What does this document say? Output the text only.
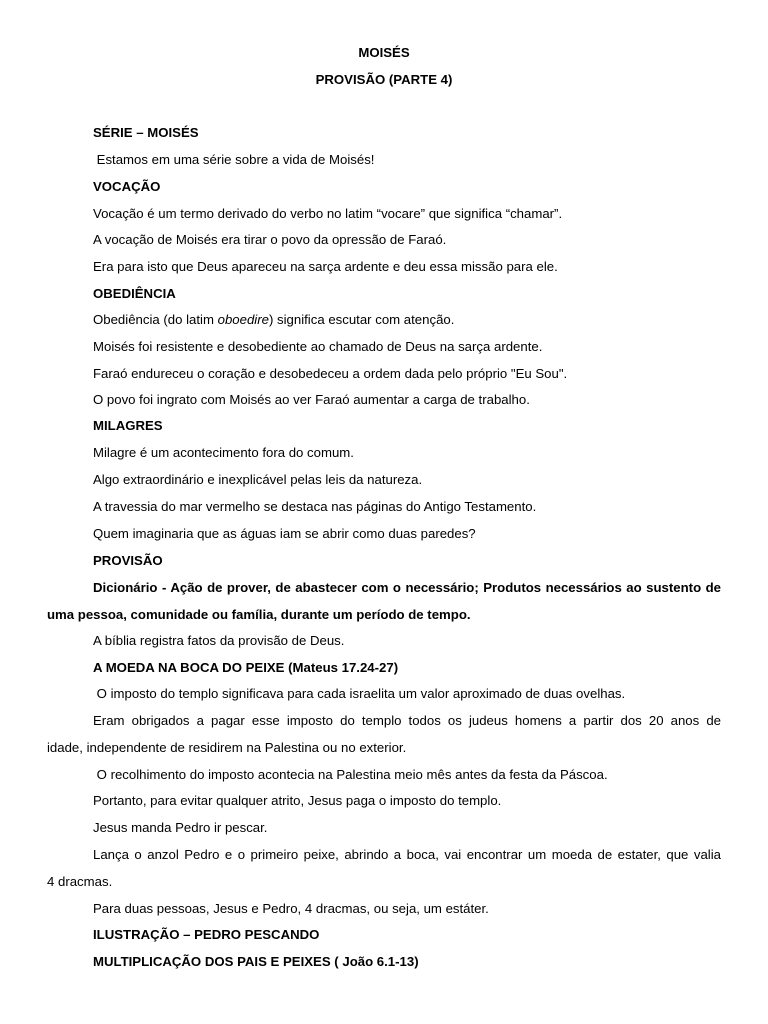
MOISÉS

PROVISÃO (PARTE 4)

SÉRIE – MOISÉS

Estamos em uma série sobre a vida de Moisés!

VOCAÇÃO

Vocação é um termo derivado do verbo no latim “vocare” que significa “chamar”.

A vocação de Moisés era tirar o povo da opressão de Faraó.

Era para isto que Deus apareceu na sarça ardente e deu essa missão para ele.

OBEDIÊNCIA

Obediência (do latim oboedire) significa escutar com atenção.

Moisés foi resistente e desobediente ao chamado de Deus na sarça ardente.

Faraó endureceu o coração e desobedeceu a ordem dada pelo próprio "Eu Sou".

O povo foi ingrato com Moisés ao ver Faraó aumentar a carga de trabalho.

MILAGRES

Milagre é um acontecimento fora do comum.

Algo extraordinário e inexplicável pelas leis da natureza.

A travessia do mar vermelho se destaca nas páginas do Antigo Testamento.

Quem imaginaria que as águas iam se abrir como duas paredes?

PROVISÃO

Dicionário - Ação de prover, de abastecer com o necessário; Produtos necessários ao sustento de

uma pessoa, comunidade ou família, durante um período de tempo.

A bíblia registra fatos da provisão de Deus.

A MOEDA NA BOCA DO PEIXE (Mateus 17.24-27)

O imposto do templo significava para cada israelita um valor aproximado de duas ovelhas.

Eram obrigados a pagar esse imposto do templo todos os judeus homens a partir dos 20 anos de

idade, independente de residirem na Palestina ou no exterior.

O recolhimento do imposto acontecia na Palestina meio mês antes da festa da Páscoa.

Portanto, para evitar qualquer atrito, Jesus paga o imposto do templo.

Jesus manda Pedro ir pescar.

Lança o anzol Pedro e o primeiro peixe, abrindo a boca, vai encontrar um moeda de estater, que valia

4 dracmas.

Para duas pessoas, Jesus e Pedro, 4 dracmas, ou seja, um estáter.

ILUSTRAÇÃO – PEDRO PESCANDO

MULTIPLICAÇÃO DOS PAIS E PEIXES ( João 6.1-13)
